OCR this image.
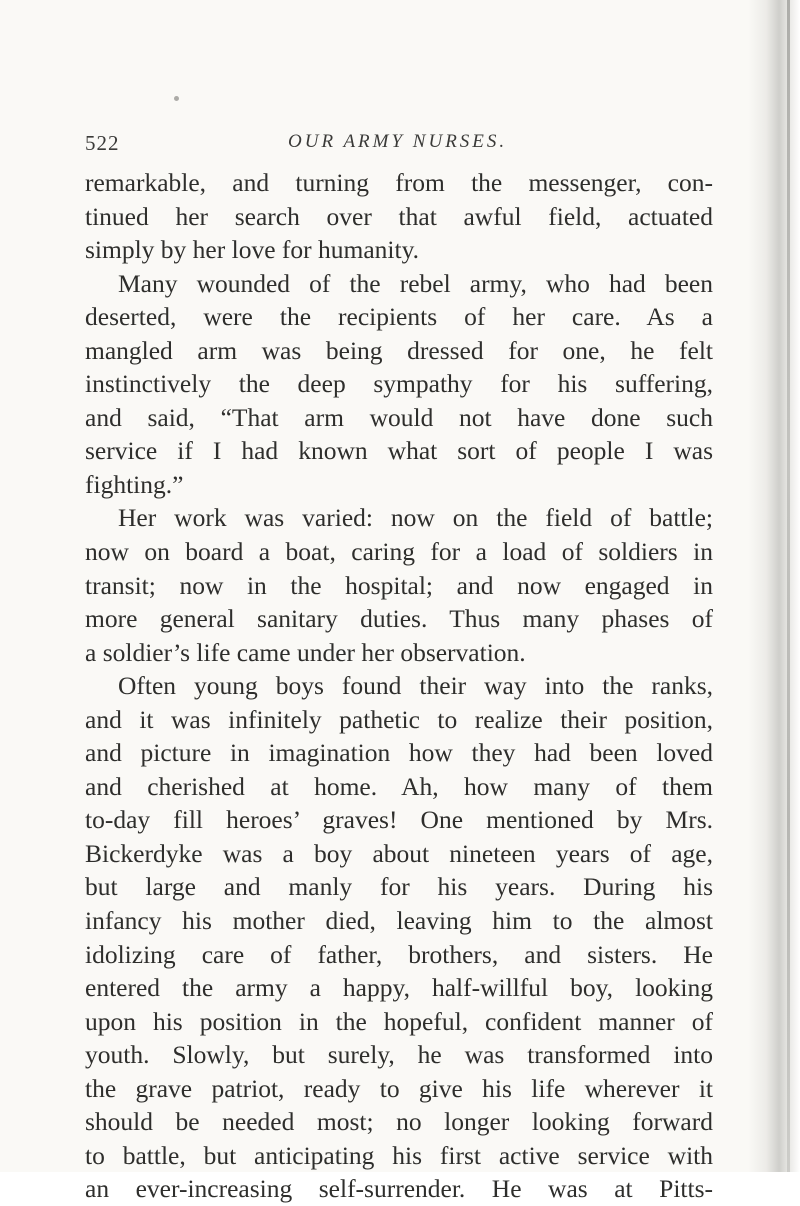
522	OUR ARMY NURSES.
remarkable, and turning from the messenger, con-
tinued her search over that awful field, actuated
simply by her love for humanity.
Many wounded of the rebel army, who had been
deserted, were the recipients of her care. As a
mangled arm was being dressed for one, he felt
instinctively the deep sympathy for his suffering,
and said, “That arm would not have done such
service if I had known what sort of people I was
fighting.”
Her work was varied: now on the field of battle;
now on board a boat, caring for a load of soldiers in
transit; now in the hospital; and now engaged in
more general sanitary duties. Thus many phases of
a soldier’s life came under her observation.
Often young boys found their way into the ranks,
and it was infinitely pathetic to realize their position,
and picture in imagination how they had been loved
and cherished at home. Ah, how many of them
to-day fill heroes’ graves! One mentioned by Mrs.
Bickerdyke was a boy about nineteen years of age,
but large and manly for his years. During his
infancy his mother died, leaving him to the almost
idolizing care of father, brothers, and sisters. He
entered the army a happy, half-willful boy, looking
upon his position in the hopeful, confident manner of
youth. Slowly, but surely, he was transformed into
the grave patriot, ready to give his life wherever it
should be needed most; no longer looking forward
to battle, but anticipating his first active service with
an ever-increasing self-surrender. He was at Pitts-
